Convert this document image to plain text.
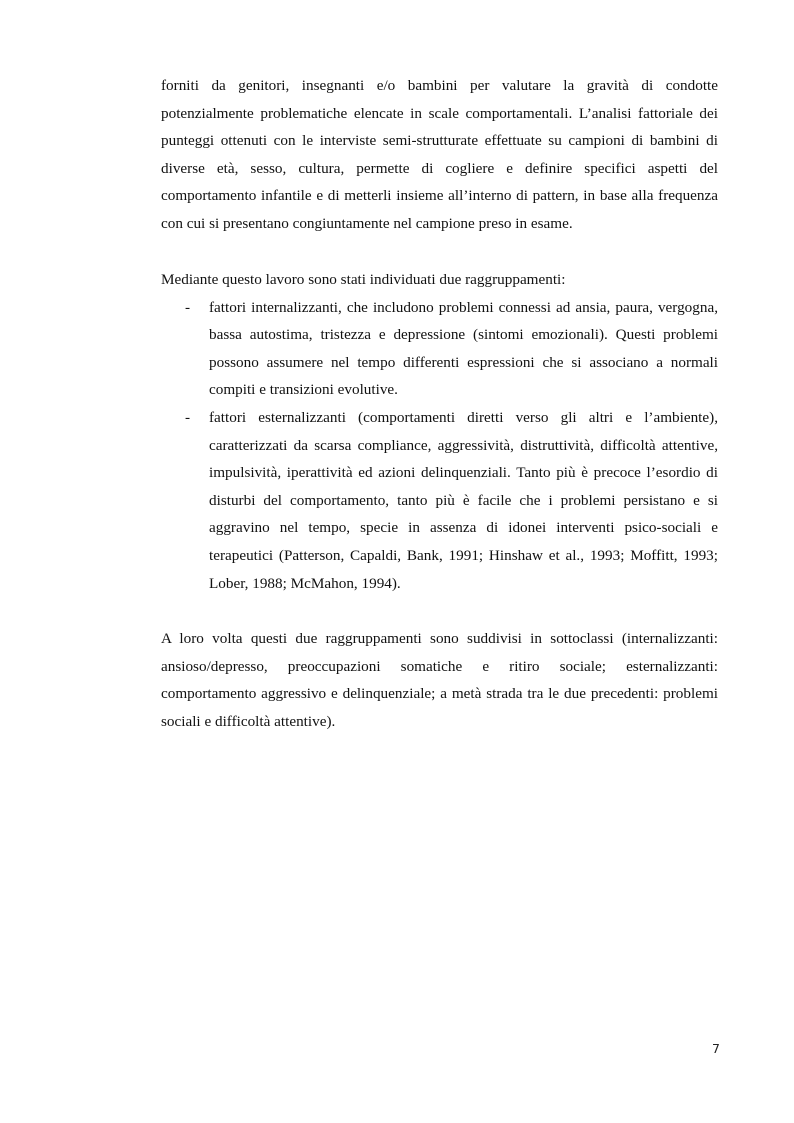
forniti da genitori, insegnanti e/o bambini per valutare la gravità di condotte potenzialmente problematiche elencate in scale comportamentali. L’analisi fattoriale dei punteggi ottenuti con le interviste semi-strutturate effettuate su campioni di bambini di diverse età, sesso, cultura, permette di cogliere e definire specifici aspetti del comportamento infantile e di metterli insieme all’interno di pattern, in base alla frequenza con cui si presentano congiuntamente nel campione preso in esame.

Mediante questo lavoro sono stati individuati due raggruppamenti:

- fattori internalizzanti, che includono problemi connessi ad ansia, paura, vergogna, bassa autostima, tristezza e depressione (sintomi emozionali). Questi problemi possono assumere nel tempo differenti espressioni che si associano a normali compiti e transizioni evolutive.
- fattori esternalizzanti (comportamenti diretti verso gli altri e l’ambiente), caratterizzati da scarsa compliance, aggressività, distruttività, difficoltà attentive, impulsività, iperattività ed azioni delinquenziali. Tanto più è precoce l’esordio di disturbi del comportamento, tanto più è facile che i problemi persistano e si aggravino nel tempo, specie in assenza di idonei interventi psico-sociali e terapeutici (Patterson, Capaldi, Bank, 1991; Hinshaw et al., 1993; Moffitt, 1993; Lober, 1988; McMahon, 1994).

A loro volta questi due raggruppamenti sono suddivisi in sottoclassi (internalizzanti: ansioso/depresso, preoccupazioni somatiche e ritiro sociale; esternalizzanti: comportamento aggressivo e delinquenziale; a metà strada tra le due precedenti: problemi sociali e difficoltà attentive).

7
